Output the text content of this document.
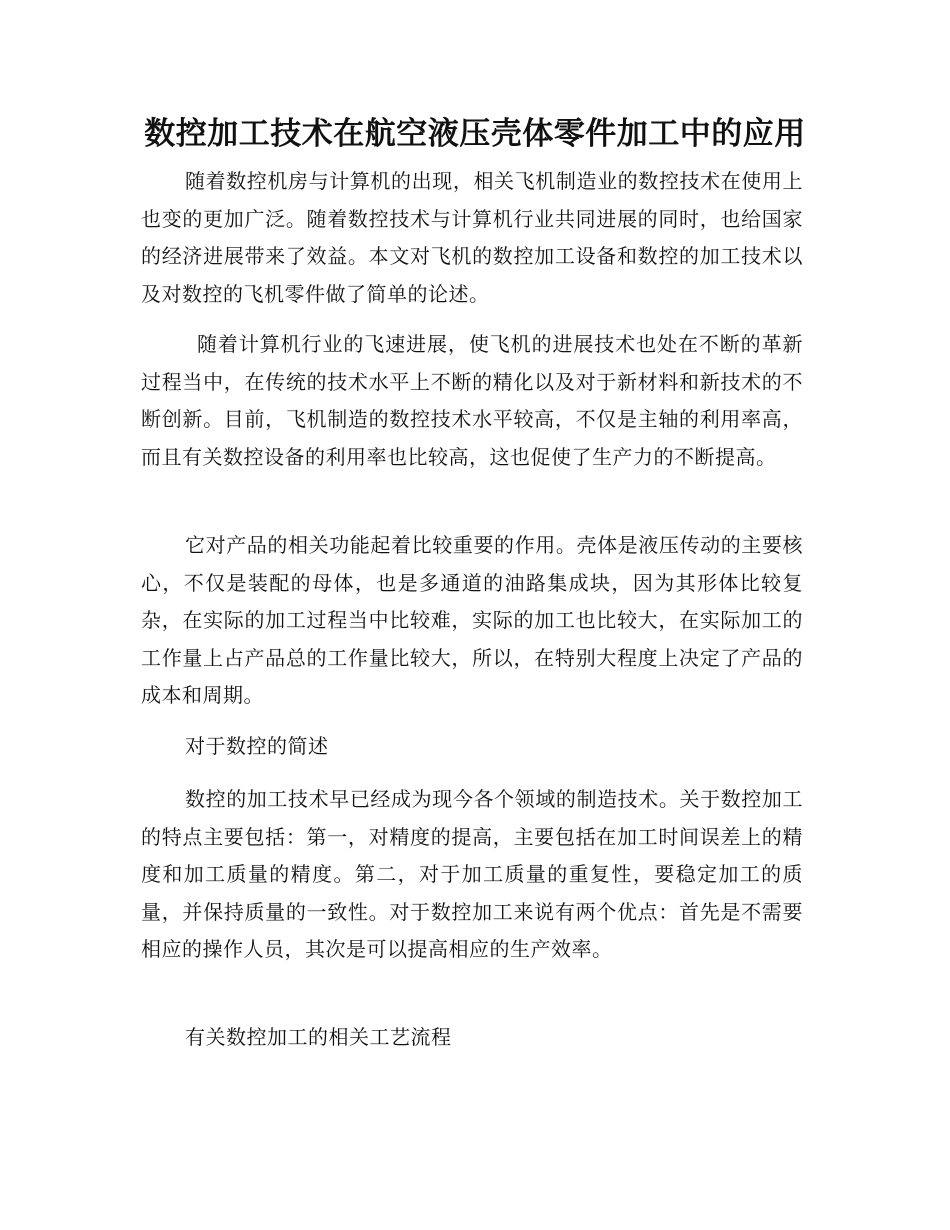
数控加工技术在航空液压壳体零件加工中的应用

随着数控机房与计算机的出现，相关飞机制造业的数控技术在使用上也变的更加广泛。随着数控技术与计算机行业共同进展的同时，也给国家的经济进展带来了效益。本文对飞机的数控加工设备和数控的加工技术以及对数控的飞机零件做了简单的论述。

随着计算机行业的飞速进展，使飞机的进展技术也处在不断的革新过程当中，在传统的技术水平上不断的精化以及对于新材料和新技术的不断创新。目前，飞机制造的数控技术水平较高，不仅是主轴的利用率高，而且有关数控设备的利用率也比较高，这也促使了生产力的不断提高。

它对产品的相关功能起着比较重要的作用。壳体是液压传动的主要核心，不仅是装配的母体，也是多通道的油路集成块，因为其形体比较复杂，在实际的加工过程当中比较难，实际的加工也比较大，在实际加工的工作量上占产品总的工作量比较大，所以，在特别大程度上决定了产品的成本和周期。

对于数控的简述

数控的加工技术早已经成为现今各个领域的制造技术。关于数控加工的特点主要包括：第一，对精度的提高，主要包括在加工时间误差上的精度和加工质量的精度。第二，对于加工质量的重复性，要稳定加工的质量，并保持质量的一致性。对于数控加工来说有两个优点：首先是不需要相应的操作人员，其次是可以提高相应的生产效率。

有关数控加工的相关工艺流程
